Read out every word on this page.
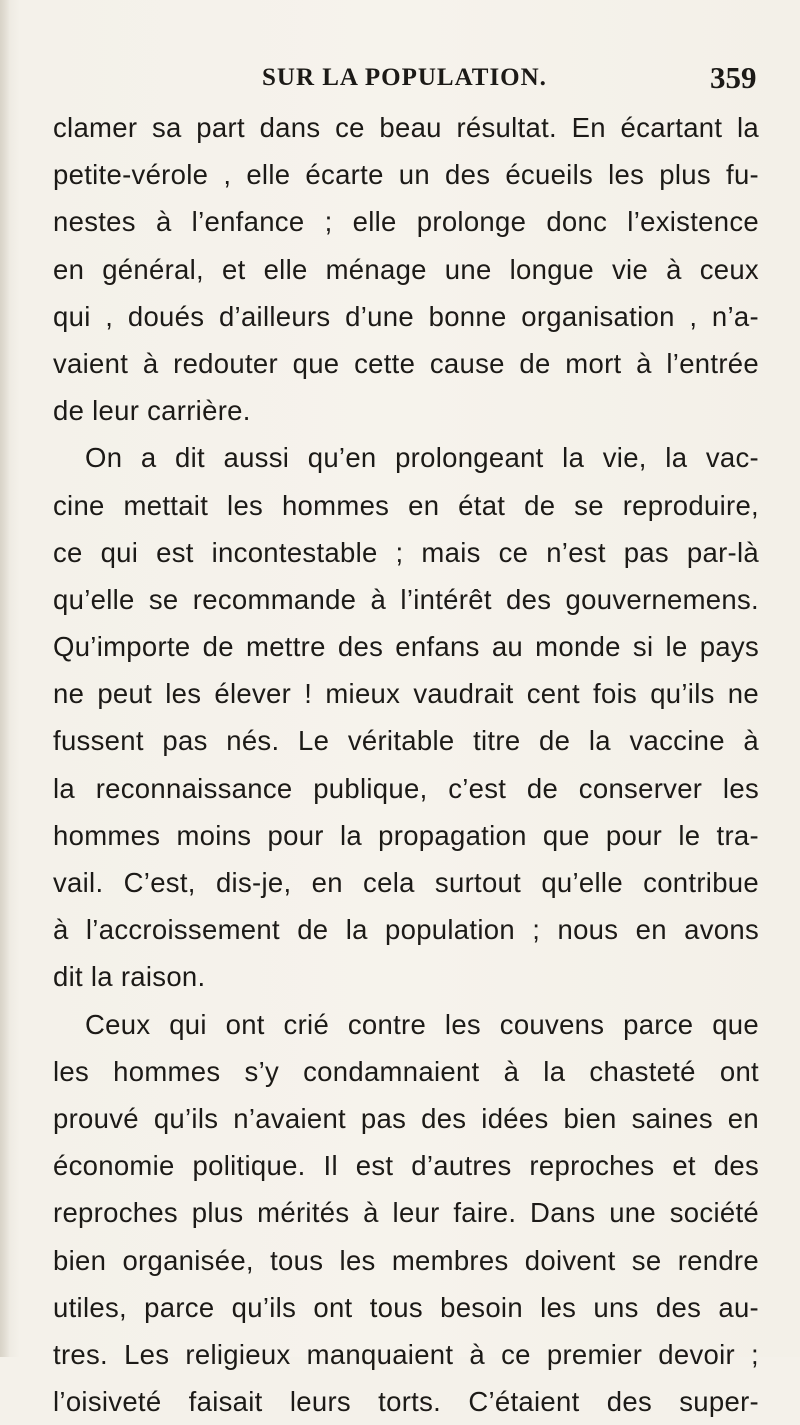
SUR LA POPULATION.	359
clamer sa part dans ce beau résultat. En écartant la
petite-vérole , elle écarte un des écueils les plus fu-
nestes à l’enfance ; elle prolonge donc l’existence
en général, et elle ménage une longue vie à ceux
qui , doués d’ailleurs d’une bonne organisation , n’a-
vaient à redouter que cette cause de mort à l’entrée
de leur carrière.
On a dit aussi qu’en prolongeant la vie, la vac-
cine mettait les hommes en état de se reproduire,
ce qui est incontestable ; mais ce n’est pas par-là
qu’elle se recommande à l’intérêt des gouvernemens.
Qu’importe de mettre des enfans au monde si le pays
ne peut les élever ! mieux vaudrait cent fois qu’ils ne
fussent pas nés. Le véritable titre de la vaccine à
la reconnaissance publique, c’est de conserver les
hommes moins pour la propagation que pour le tra-
vail. C’est, dis-je, en cela surtout qu’elle contribue
à l’accroissement de la population ; nous en avons
dit la raison.
Ceux qui ont crié contre les couvens parce que
les hommes s’y condamnaient à la chasteté ont
prouvé qu’ils n’avaient pas des idées bien saines en
économie politique. Il est d’autres reproches et des
reproches plus mérités à leur faire. Dans une société
bien organisée, tous les membres doivent se rendre
utiles, parce qu’ils ont tous besoin les uns des au-
tres. Les religieux manquaient à ce premier devoir ;
l’oisiveté faisait leurs torts. C’étaient des super-
